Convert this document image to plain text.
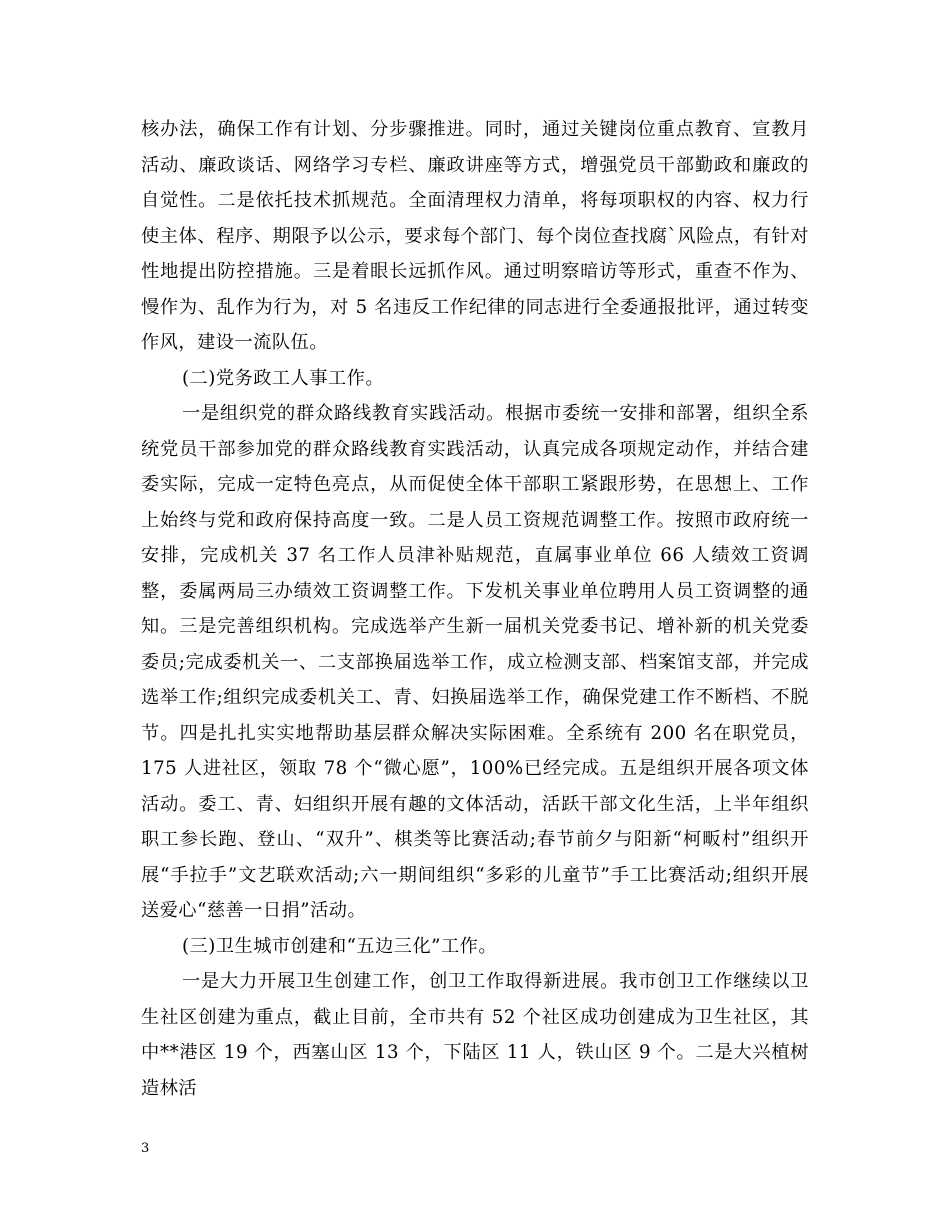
核办法，确保工作有计划、分步骤推进。同时，通过关键岗位重点教育、宣教月活动、廉政谈话、网络学习专栏、廉政讲座等方式，增强党员干部勤政和廉政的自觉性。二是依托技术抓规范。全面清理权力清单，将每项职权的内容、权力行使主体、程序、期限予以公示，要求每个部门、每个岗位查找腐`风险点，有针对性地提出防控措施。三是着眼长远抓作风。通过明察暗访等形式，重查不作为、慢作为、乱作为行为，对 5 名违反工作纪律的同志进行全委通报批评，通过转变作风，建设一流队伍。

(二)党务政工人事工作。

一是组织党的群众路线教育实践活动。根据市委统一安排和部署，组织全系统党员干部参加党的群众路线教育实践活动，认真完成各项规定动作，并结合建委实际，完成一定特色亮点，从而促使全体干部职工紧跟形势，在思想上、工作上始终与党和政府保持高度一致。二是人员工资规范调整工作。按照市政府统一安排，完成机关 37 名工作人员津补贴规范，直属事业单位 66 人绩效工资调整，委属两局三办绩效工资调整工作。下发机关事业单位聘用人员工资调整的通知。三是完善组织机构。完成选举产生新一届机关党委书记、增补新的机关党委委员;完成委机关一、二支部换届选举工作，成立检测支部、档案馆支部，并完成选举工作;组织完成委机关工、青、妇换届选举工作，确保党建工作不断档、不脱节。四是扎扎实实地帮助基层群众解决实际困难。全系统有 200 名在职党员，175 人进社区，领取 78 个“微心愿”，100%已经完成。五是组织开展各项文体活动。委工、青、妇组织开展有趣的文体活动，活跃干部文化生活，上半年组织职工参长跑、登山、“双升”、棋类等比赛活动;春节前夕与阳新“柯畈村”组织开展“手拉手”文艺联欢活动;六一期间组织“多彩的儿童节”手工比赛活动;组织开展送爱心“慈善一日捐”活动。

(三)卫生城市创建和“五边三化”工作。

一是大力开展卫生创建工作，创卫工作取得新进展。我市创卫工作继续以卫生社区创建为重点，截止目前，全市共有 52 个社区成功创建成为卫生社区，其中**港区 19 个，西塞山区 13 个，下陆区 11 人，铁山区 9 个。二是大兴植树造林活

3
